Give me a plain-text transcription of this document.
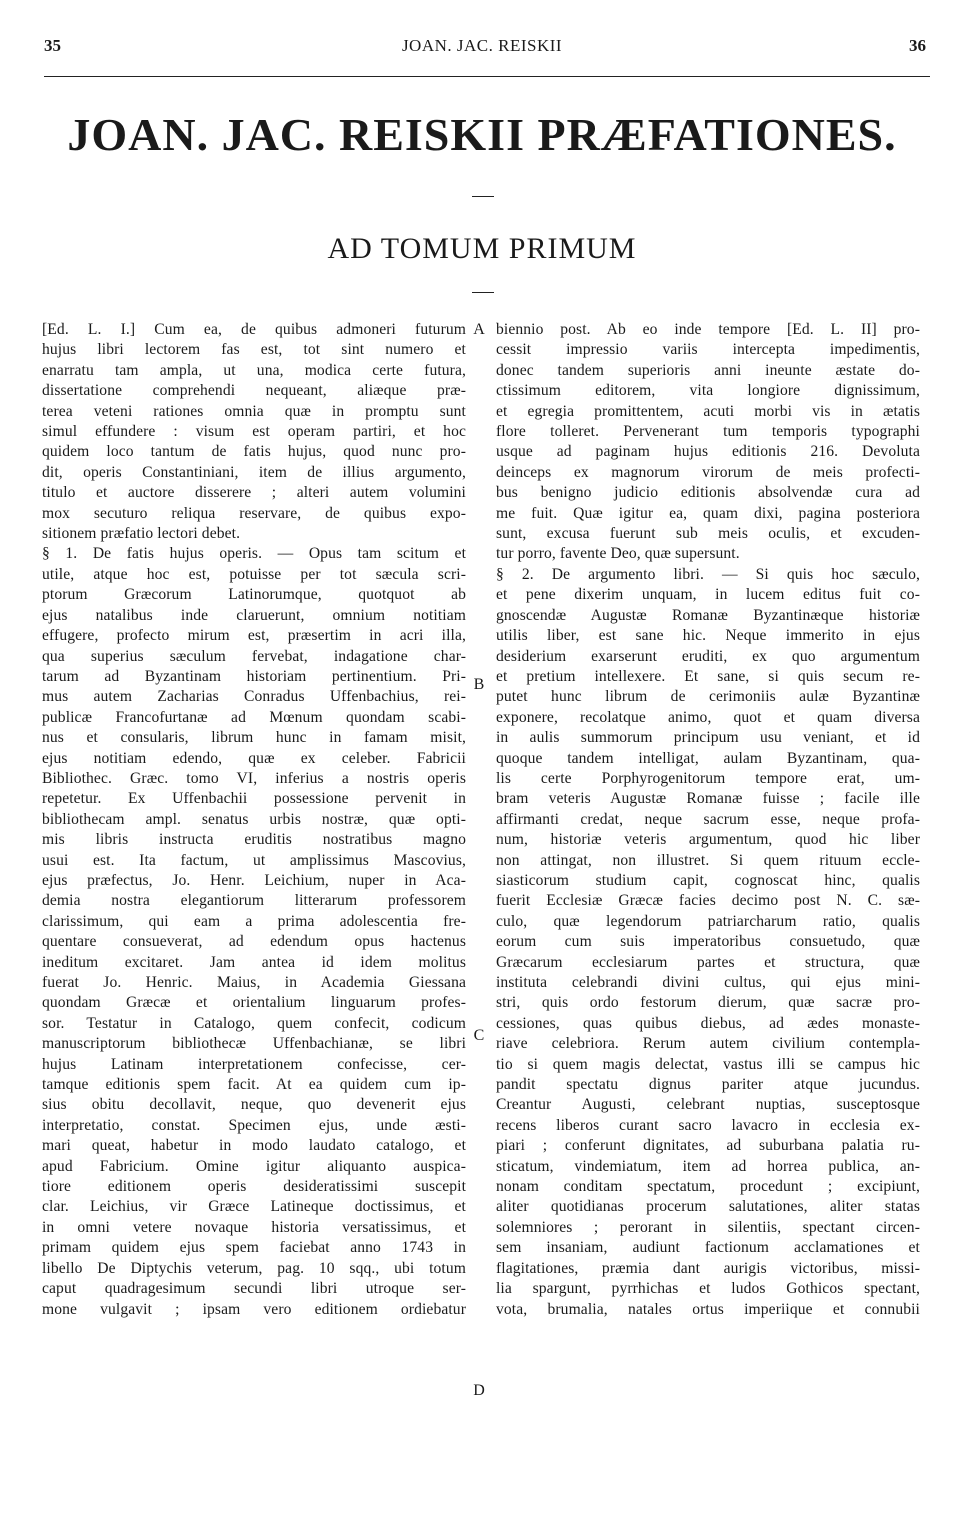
35	JOAN. JAC. REISKII	36
JOAN. JAC. REISKII PRÆFATIONES.
AD TOMUM PRIMUM
[Ed. L. I.] Cum ea, de quibus admoneri futurum
hujus libri lectorem fas est, tot sint numero et
enarratu tam ampla, ut una, modica certe futura,
dissertatione comprehendi nequeant, aliæque præ-
terea veteni rationes omnia quæ in promptu sunt
simul effundere : visum est operam partiri, et hoc
quidem loco tantum de fatis hujus, quod nunc pro-
dit, operis Constantiniani, item de illius argumento,
titulo et auctore disserere ; alteri autem volumini
mox secuturo reliqua reservare, de quibus expo-
sitionem præfatio lectori debet.
§ 1. De fatis hujus operis. — Opus tam scitum et
utile, atque hoc est, potuisse per tot sæcula scri-
ptorum Græcorum Latinorumque, quotquot ab
ejus natalibus inde claruerunt, omnium notitiam
effugere, profecto mirum est, præsertim in acri illa,
qua superius sæculum fervebat, indagatione char-
tarum ad Byzantinam historiam pertinentium. Pri-
mus autem Zacharias Conradus Uffenbachius, rei-
publicæ Francofurtanæ ad Mœnum quondam scabi-
nus et consularis, librum hunc in famam misit,
ejus notitiam edendo, quæ ex celeber. Fabricii
Bibliothec. Græc. tomo VI, inferius a nostris operis
repetetur. Ex Uffenbachii possessione pervenit in
bibliothecam ampl. senatus urbis nostræ, quæ opti-
mis libris instructa eruditis nostratibus magno
usui est. Ita factum, ut amplissimus Mascovius,
ejus præfectus, Jo. Henr. Leichium, nuper in Aca-
demia nostra elegantiorum litterarum professorem
clarissimum, qui eam a prima adolescentia fre-
quentare consueverat, ad edendum opus hactenus
ineditum excitaret. Jam antea id idem molitus
fuerat Jo. Henric. Maius, in Academia Giessana
quondam Græcæ et orientalium linguarum profes-
sor. Testatur in Catalogo, quem confecit, codicum
manuscriptorum bibliothecæ Uffenbachianæ, se libri
hujus Latinam interpretationem confecisse, cer-
tamque editionis spem facit. At ea quidem cum ip-
sius obitu decollavit, neque, quo devenerit ejus
interpretatio, constat. Specimen ejus, unde æsti-
mari queat, habetur in modo laudato catalogo, et
apud Fabricium. Omine igitur aliquanto auspica-
tiore editionem operis desideratissimi suscepit
clar. Leichius, vir Græce Latineque doctissimus, et
in omni vetere novaque historia versatissimus, et
primam quidem ejus spem faciebat anno 1743 in
libello De Diptychis veterum, pag. 10 sqq., ubi totum
caput quadragesimum secundi libri utroque ser-
mone vulgavit ; ipsam vero editionem ordiebatur
biennio post. Ab eo inde tempore [Ed. L. II] pro-
cessit impressio variis intercepta impedimentis,
donec tandem superioris anni ineunte æstate do-
ctissimum editorem, vita longiore dignissimum,
et egregia promittentem, acuti morbi vis in ætatis
flore tolleret. Pervenerant tum temporis typographi
usque ad paginam hujus editionis 216. Devoluta
deinceps ex magnorum virorum de meis profecti-
bus benigno judicio editionis absolvendæ cura ad
me fuit. Quæ igitur ea, quam dixi, pagina posteriora
sunt, excusa fuerunt sub meis oculis, et excuden-
tur porro, favente Deo, quæ supersunt.
§ 2. De argumento libri. — Si quis hoc sæculo,
et pene dixerim unquam, in lucem editus fuit co-
gnoscendæ Augustæ Romanæ Byzantinæque historiæ
utilis liber, est sane hic. Neque immerito in ejus
desiderium exarserunt eruditi, ex quo argumentum
et pretium intellexere. Et sane, si quis secum re-
putet hunc librum de cerimoniis aulæ Byzantinæ
exponere, recolatque animo, quot et quam diversa
in aulis summorum principum usu veniant, et id
quoque tandem intelligat, aulam Byzantinam, qua-
lis certe Porphyrogenitorum tempore erat, um-
bram veteris Augustæ Romanæ fuisse ; facile ille
affirmanti credat, neque sacrum esse, neque profa-
num, historiæ veteris argumentum, quod hic liber
non attingat, non illustret. Si quem rituum eccle-
siasticorum studium capit, cognoscat hinc, qualis
fuerit Ecclesiæ Græcæ facies decimo post N. C. sæ-
culo, quæ legendorum patriarcharum ratio, qualis
eorum cum suis imperatoribus consuetudo, quæ
Græcarum ecclesiarum partes et structura, quæ
instituta celebrandi divini cultus, qui ejus mini-
stri, quis ordo festorum dierum, quæ sacræ pro-
cessiones, quas quibus diebus, ad ædes monaste-
riave celebriora. Rerum autem civilium contempla-
tio si quem magis delectat, vastus illi se campus hic
pandit spectatu dignus pariter atque jucundus.
Creantur Augusti, celebrant nuptias, susceptosque
recens liberos curant sacro lavacro in ecclesia ex-
piari ; conferunt dignitates, ad suburbana palatia ru-
sticatum, vindemiatum, item ad horrea publica, an-
nonam conditam spectatum, procedunt ; excipiunt,
aliter quotidianas procerum salutationes, aliter statas
solemniores ; perorant in silentiis, spectant circen-
sem insaniam, audiunt factionum acclamationes et
flagitationes, præmia dant aurigis victoribus, missi-
lia spargunt, pyrrhichas et ludos Gothicos spectant,
vota, brumalia, natales ortus imperiique et connubii
A
B
C
D
